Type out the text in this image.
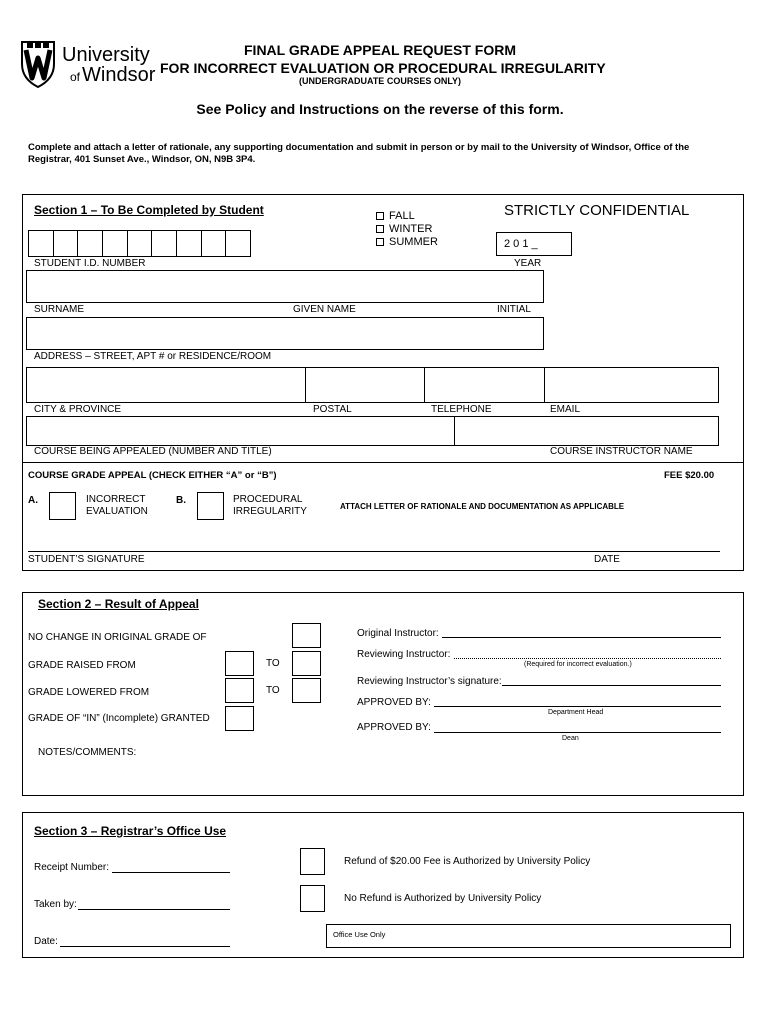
University
of Windsor
FINAL GRADE APPEAL REQUEST FORM
FOR INCORRECT EVALUATION OR PROCEDURAL IRREGULARITY
(UNDERGRADUATE COURSES ONLY)
See Policy and Instructions on the reverse of this form.
Complete and attach a letter of rationale, any supporting documentation and submit in person or by mail to the University of Windsor, Office of the
Registrar, 401 Sunset Ave., Windsor, ON, N9B 3P4.
Section 1 – To Be Completed by Student	FALL
WINTER
SUMMER
STRICTLY CONFIDENTIAL
2 0 1 _
STUDENT I.D. NUMBER	YEAR
SURNAME	GIVEN NAME	INITIAL
ADDRESS – STREET, APT # or RESIDENCE/ROOM
CITY & PROVINCE	POSTAL	TELEPHONE	EMAIL
COURSE BEING APPEALED (NUMBER AND TITLE)	COURSE INSTRUCTOR NAME
COURSE GRADE APPEAL (CHECK EITHER “A” or “B”)	FEE $20.00
A.	INCORRECT
EVALUATION
B.	PROCEDURAL
IRREGULARITY	ATTACH LETTER OF RATIONALE AND DOCUMENTATION AS APPLICABLE
STUDENT’S SIGNATURE	DATE
Section 2 – Result of Appeal
NO CHANGE IN ORIGINAL GRADE OF
GRADE RAISED FROM	TO
GRADE LOWERED FROM	TO
GRADE OF “IN” (Incomplete) GRANTED
NOTES/COMMENTS:
Original Instructor:
Reviewing Instructor:
(Required for incorrect evaluation.)
Reviewing Instructor’s signature:
APPROVED BY:
Department Head
APPROVED BY:
Dean
Section 3 – Registrar’s Office Use
Receipt Number:
Taken by:
Date:
Refund of $20.00 Fee is Authorized by University Policy
No Refund is Authorized by University Policy
Office Use Only
